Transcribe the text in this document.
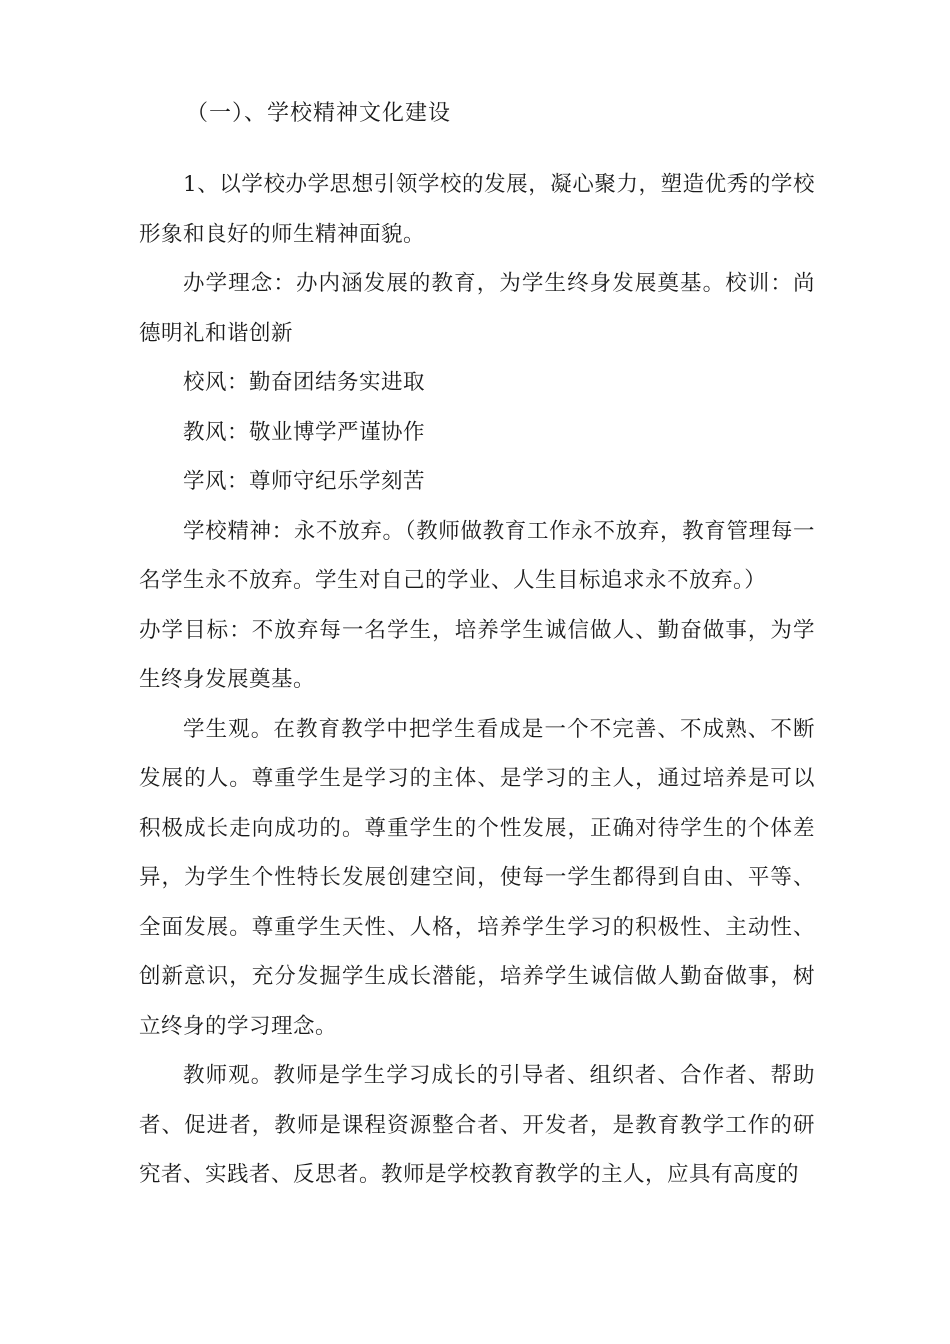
（一）、学校精神文化建设

1、以学校办学思想引领学校的发展，凝心聚力，塑造优秀的学校形象和良好的师生精神面貌。

办学理念：办内涵发展的教育，为学生终身发展奠基。校训：尚德明礼和谐创新

校风：勤奋团结务实进取

教风：敬业博学严谨协作

学风：尊师守纪乐学刻苦

学校精神：永不放弃。（教师做教育工作永不放弃，教育管理每一名学生永不放弃。学生对自己的学业、人生目标追求永不放弃。）

办学目标：不放弃每一名学生，培养学生诚信做人、勤奋做事，为学生终身发展奠基。

学生观。在教育教学中把学生看成是一个不完善、不成熟、不断发展的人。尊重学生是学习的主体、是学习的主人，通过培养是可以积极成长走向成功的。尊重学生的个性发展，正确对待学生的个体差异，为学生个性特长发展创建空间，使每一学生都得到自由、平等、全面发展。尊重学生天性、人格，培养学生学习的积极性、主动性、创新意识，充分发掘学生成长潜能，培养学生诚信做人勤奋做事，树立终身的学习理念。

教师观。教师是学生学习成长的引导者、组织者、合作者、帮助者、促进者，教师是课程资源整合者、开发者，是教育教学工作的研究者、实践者、反思者。教师是学校教育教学的主人，应具有高度的
